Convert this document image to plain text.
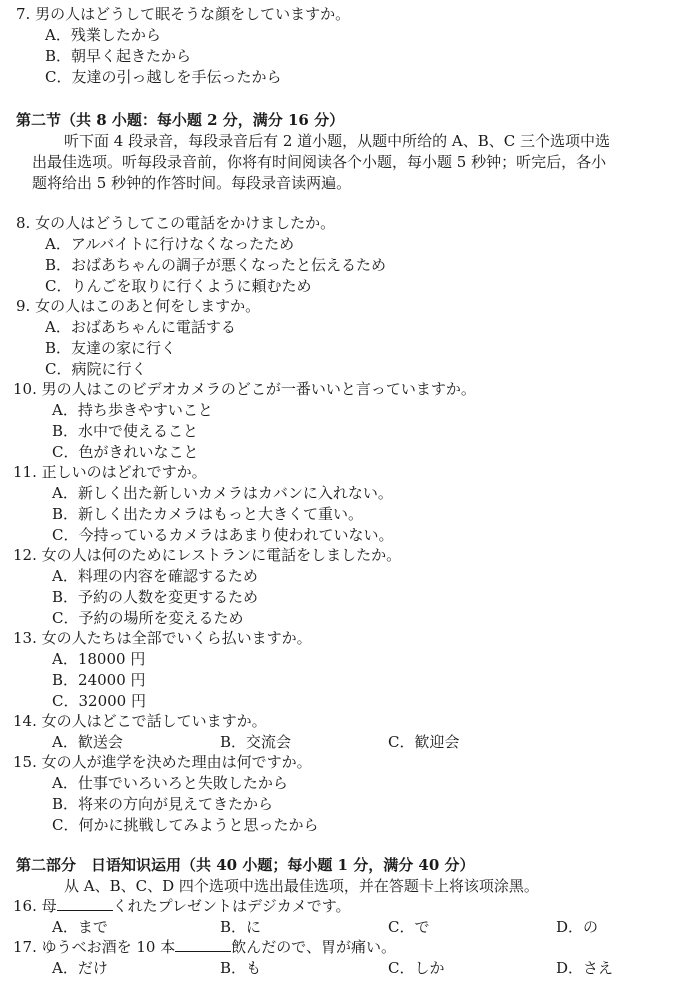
7. 男の人はどうして眠そうな顔をしていますか。
A．残業したから
B．朝早く起きたから
C．友達の引っ越しを手伝ったから
第二节（共 8 小题：每小题 2 分，满分 16 分）
听下面 4 段录音，每段录音后有 2 道小题，从题中所给的 A、B、C 三个选项中选
出最佳选项。听每段录音前，你将有时间阅读各个小题，每小题 5 秒钟；听完后，各小
题将给出 5 秒钟的作答时间。每段录音读两遍。
8. 女の人はどうしてこの電話をかけましたか。
A．アルバイトに行けなくなったため
B．おばあちゃんの調子が悪くなったと伝えるため
C．りんごを取りに行くように頼むため
9. 女の人はこのあと何をしますか。
A．おばあちゃんに電話する
B．友達の家に行く
C．病院に行く
10. 男の人はこのビデオカメラのどこが一番いいと言っていますか。
A．持ち歩きやすいこと
B．水中で使えること
C．色がきれいなこと
11. 正しいのはどれですか。
A．新しく出た新しいカメラはカバンに入れない。
B．新しく出たカメラはもっと大きくて重い。
C．今持っているカメラはあまり使われていない。
12. 女の人は何のためにレストランに電話をしましたか。
A．料理の内容を確認するため
B．予約の人数を変更するため
C．予約の場所を変えるため
13. 女の人たちは全部でいくら払いますか。
A．18000 円
B．24000 円
C．32000 円
14. 女の人はどこで話していますか。
A．歓送会	B．交流会	C．歓迎会
15. 女の人が進学を決めた理由は何ですか。
A．仕事でいろいろと失敗したから
B．将来の方向が見えてきたから
C．何かに挑戦してみようと思ったから
第二部分　日语知识运用（共 40 小题；每小题 1 分，满分 40 分）
从 A、B、C、D 四个选项中选出最佳选项，并在答题卡上将该项涂黑。
16. 母	くれたプレゼントはデジカメです。
A．まで	B．に	C．で	D．の
17. ゆうべお酒を 10 本	飲んだので、胃が痛い。
A．だけ	B．も	C．しか	D．さえ
